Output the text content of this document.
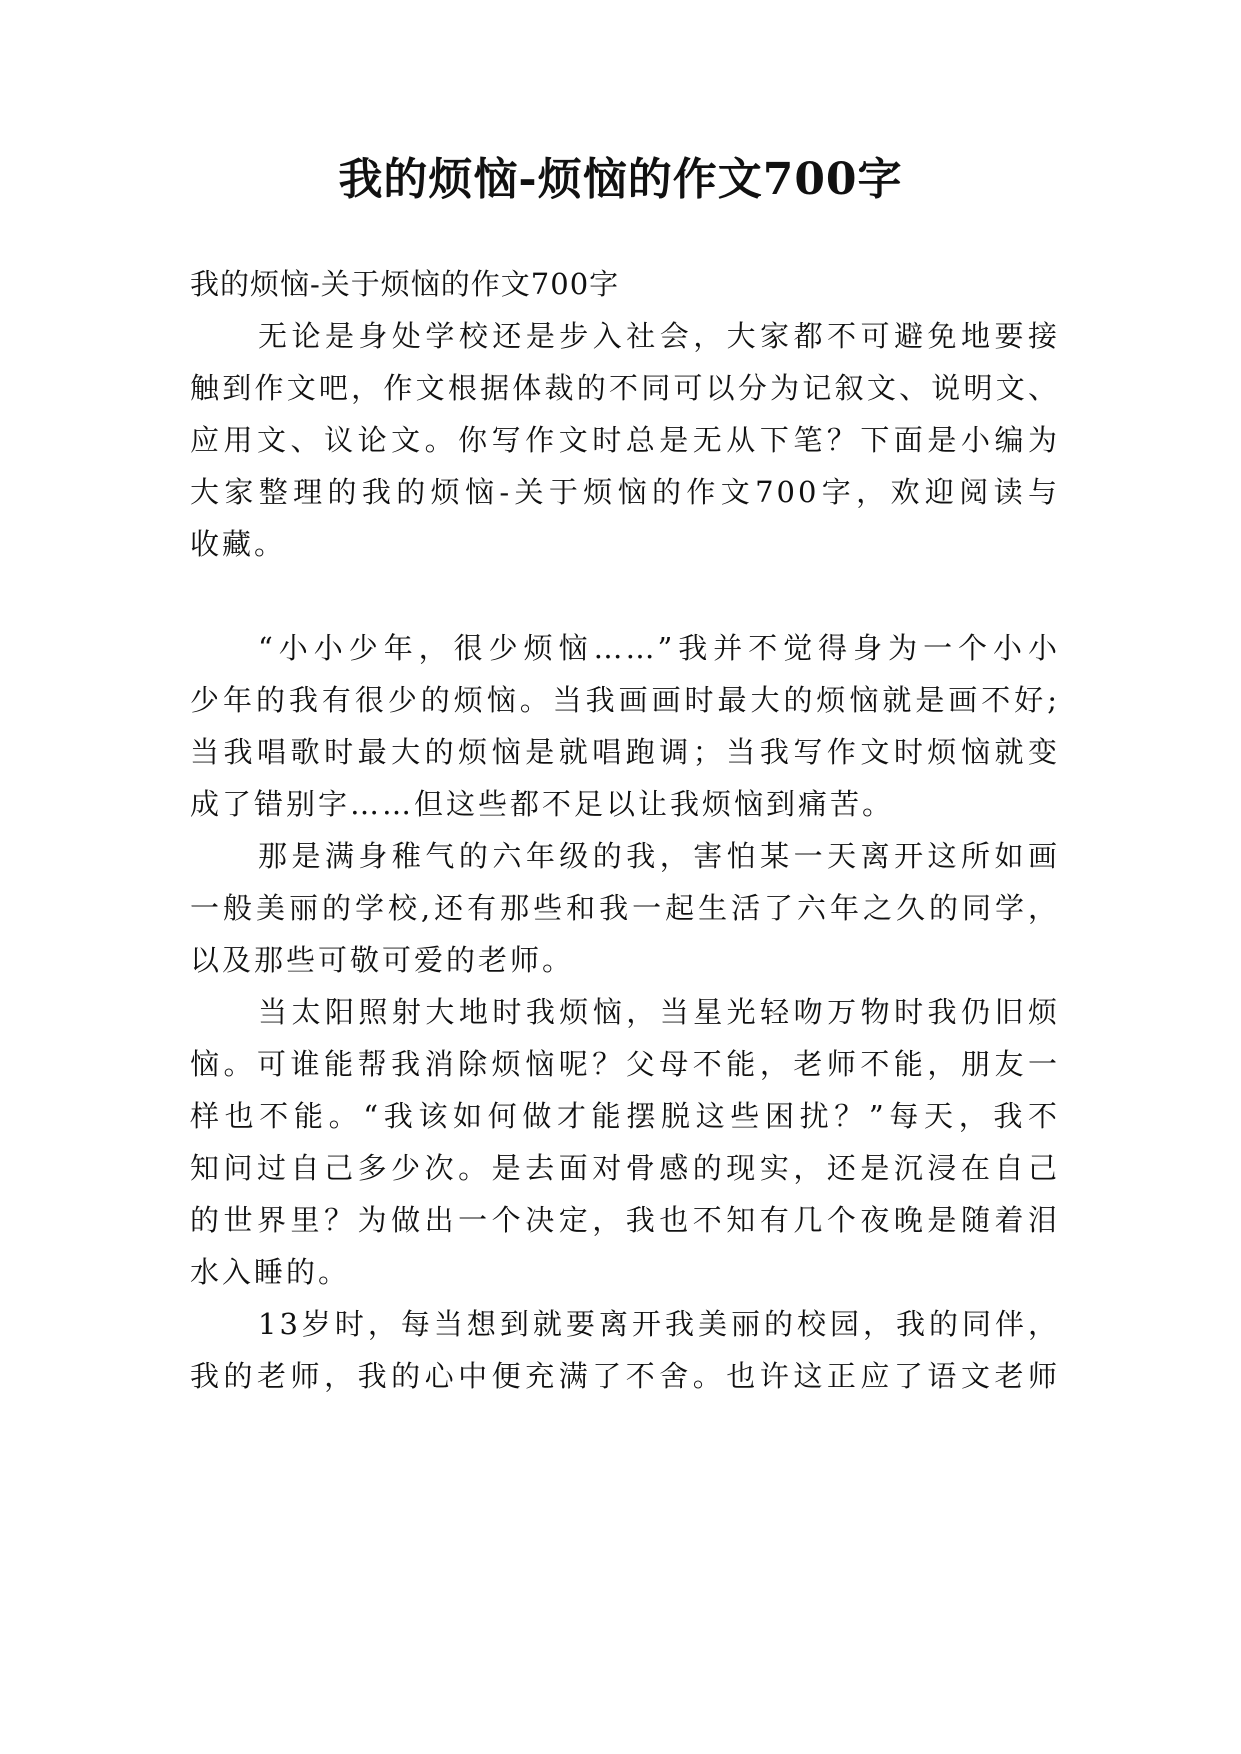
我的烦恼-烦恼的作文700字

我的烦恼-关于烦恼的作文700字

无论是身处学校还是步入社会，大家都不可避免地要接

触到作文吧，作文根据体裁的不同可以分为记叙文、说明文、

应用文、议论文。你写作文时总是无从下笔？下面是小编为

大家整理的我的烦恼-关于烦恼的作文700字，欢迎阅读与

收藏。

“小小少年，很少烦恼……”我并不觉得身为一个小小

少年的我有很少的烦恼。当我画画时最大的烦恼就是画不好;

当我唱歌时最大的烦恼是就唱跑调；当我写作文时烦恼就变

成了错别字……但这些都不足以让我烦恼到痛苦。

那是满身稚气的六年级的我，害怕某一天离开这所如画

一般美丽的学校,还有那些和我一起生活了六年之久的同学，

以及那些可敬可爱的老师。

当太阳照射大地时我烦恼，当星光轻吻万物时我仍旧烦

恼。可谁能帮我消除烦恼呢？父母不能，老师不能，朋友一

样也不能。“我该如何做才能摆脱这些困扰？”每天，我不

知问过自己多少次。是去面对骨感的现实，还是沉浸在自己

的世界里？为做出一个决定，我也不知有几个夜晚是随着泪

水入睡的。

13岁时，每当想到就要离开我美丽的校园，我的同伴，

我的老师，我的心中便充满了不舍。也许这正应了语文老师
